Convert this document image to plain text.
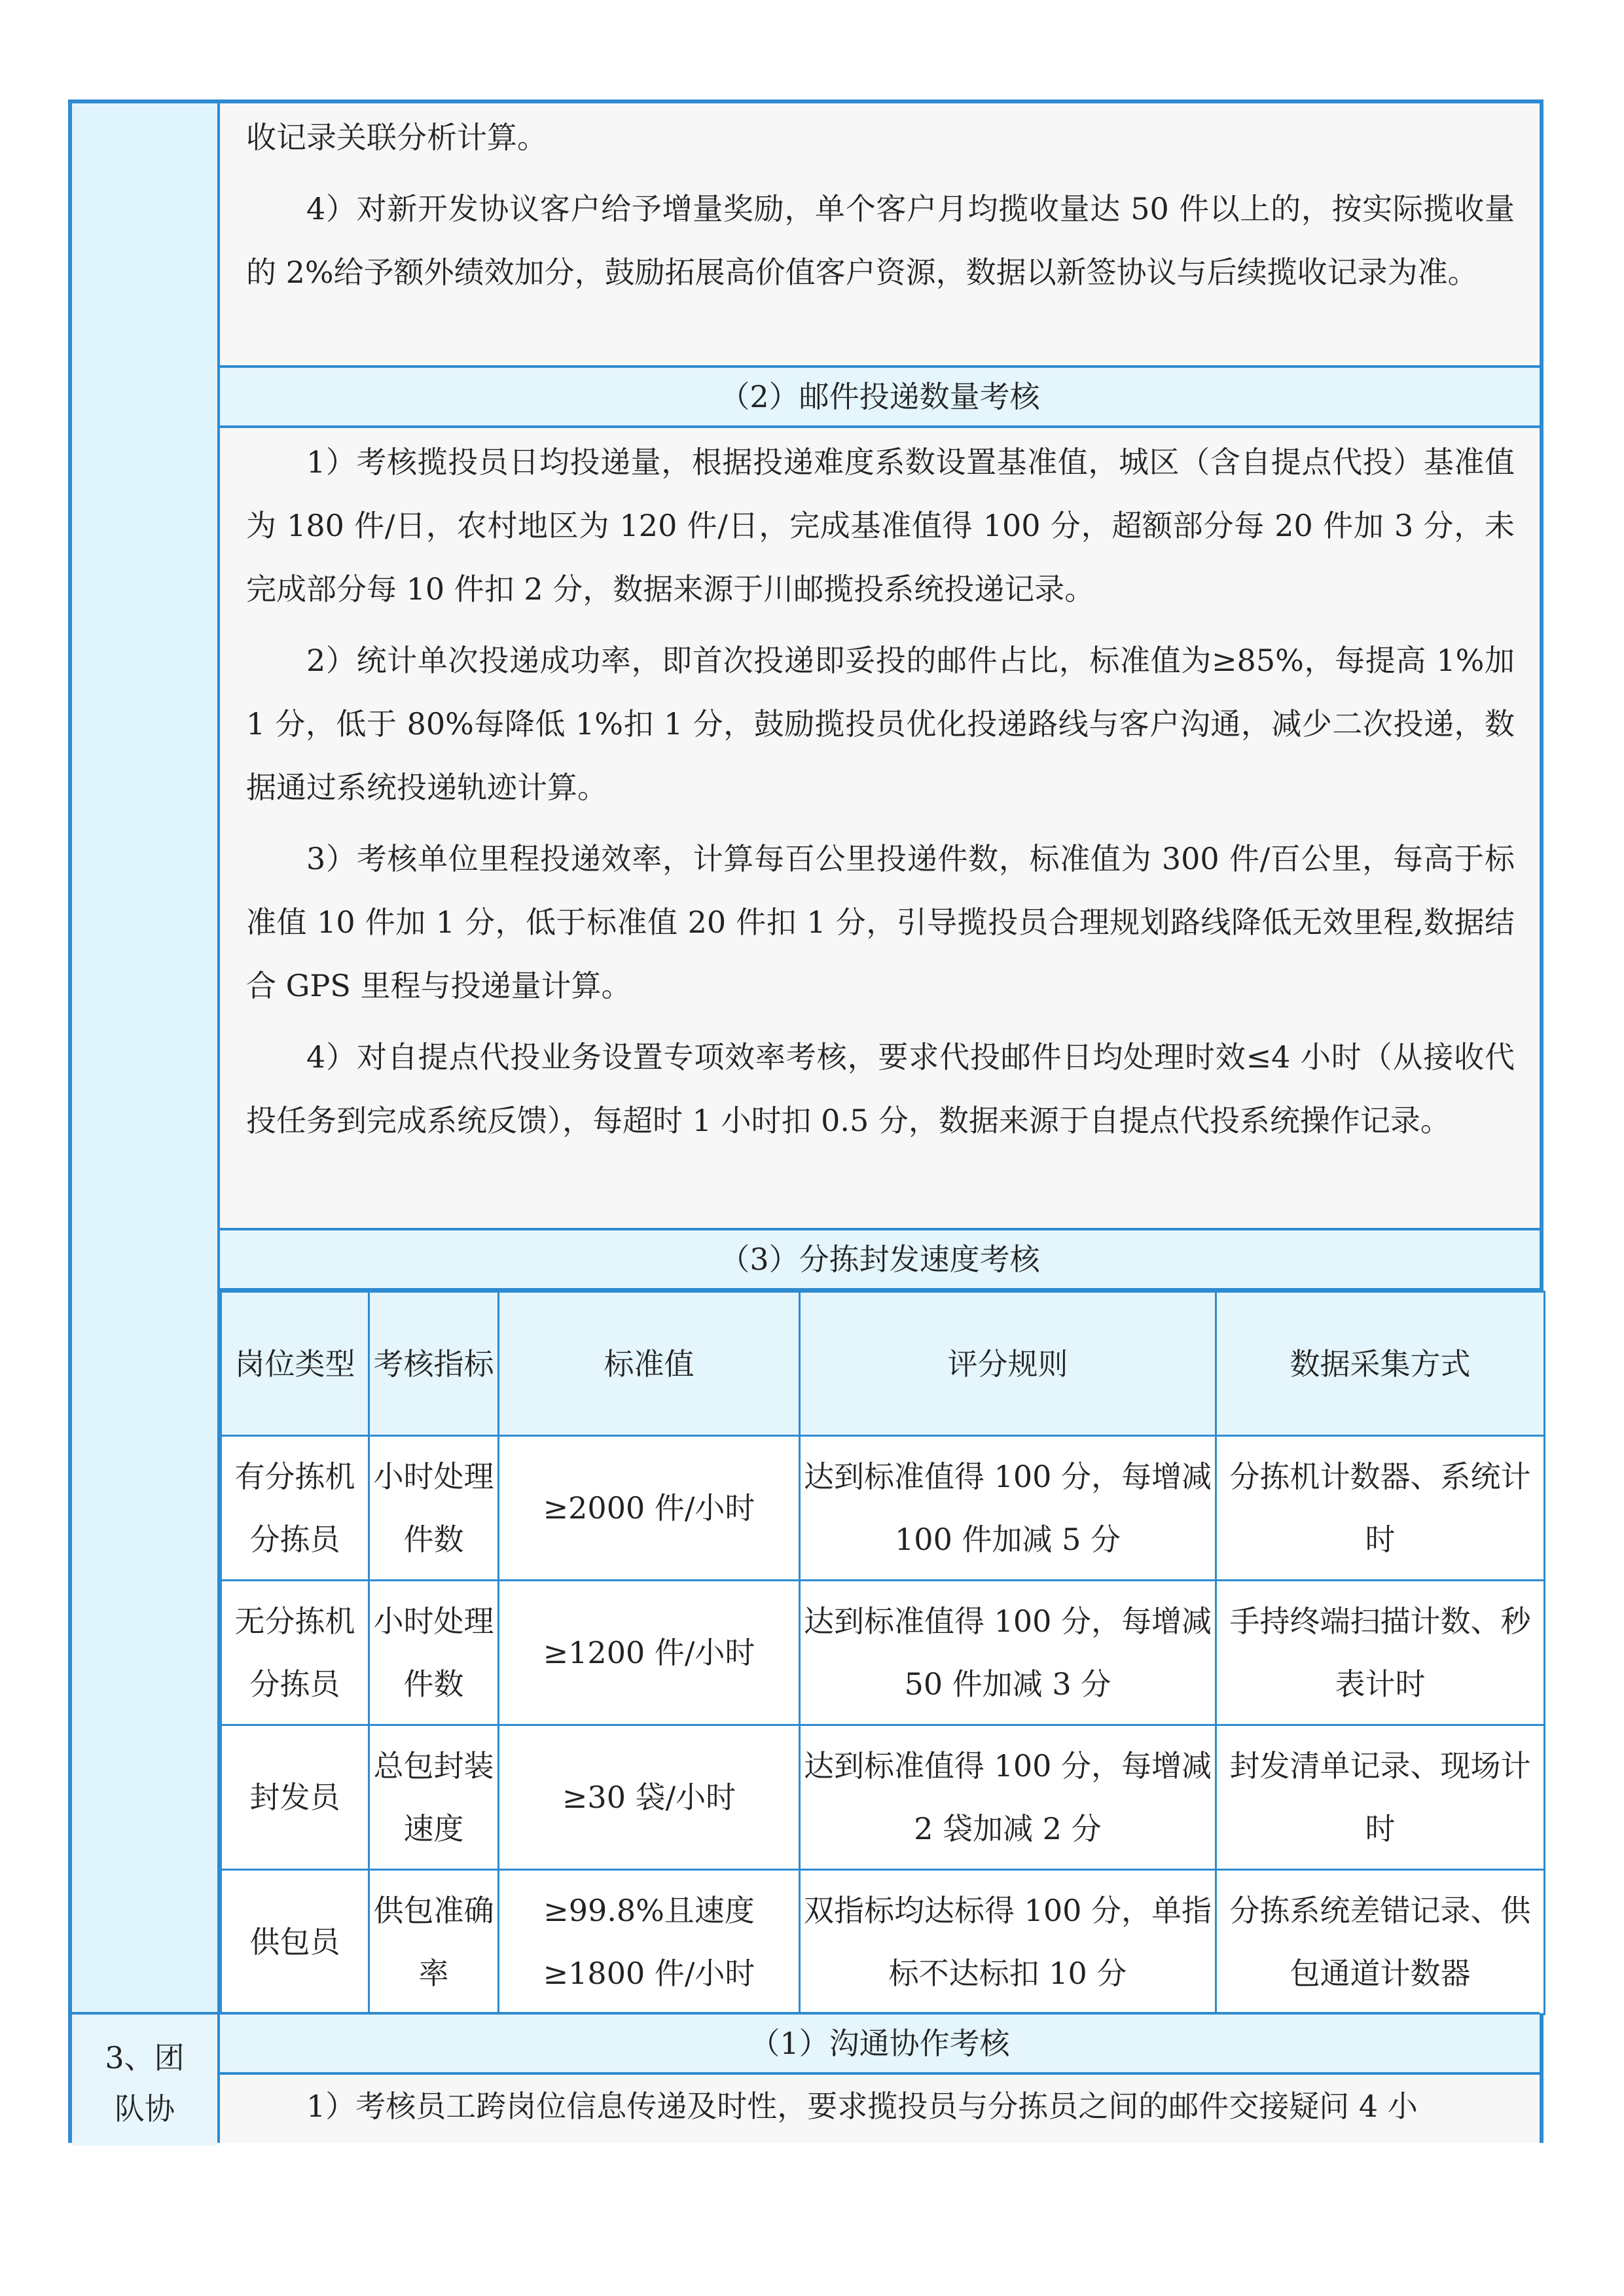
3、团
队协

收记录关联分析计算。

4）对新开发协议客户给予增量奖励，单个客户月均揽收量达 50 件以上的，按实际揽收量的 2%给予额外绩效加分，鼓励拓展高价值客户资源，数据以新签协议与后续揽收记录为准。

（2）邮件投递数量考核

1）考核揽投员日均投递量，根据投递难度系数设置基准值，城区（含自提点代投）基准值为 180 件/日，农村地区为 120 件/日，完成基准值得 100 分，超额部分每 20 件加 3 分，未完成部分每 10 件扣 2 分，数据来源于川邮揽投系统投递记录。

2）统计单次投递成功率，即首次投递即妥投的邮件占比，标准值为≥85%，每提高 1%加 1 分，低于 80%每降低 1%扣 1 分，鼓励揽投员优化投递路线与客户沟通，减少二次投递，数据通过系统投递轨迹计算。

3）考核单位里程投递效率，计算每百公里投递件数，标准值为 300 件/百公里，每高于标准值 10 件加 1 分，低于标准值 20 件扣 1 分，引导揽投员合理规划路线降低无效里程,数据结合 GPS 里程与投递量计算。

4）对自提点代投业务设置专项效率考核，要求代投邮件日均处理时效≤4 小时（从接收代投任务到完成系统反馈），每超时 1 小时扣 0.5 分，数据来源于自提点代投系统操作记录。

（3）分拣封发速度考核
岗位类型	考核指标	标准值	评分规则	数据采集方式
有分拣机分拣员	小时处理件数	≥2000 件/小时	达到标准值得 100 分，每增减 100 件加减 5 分	分拣机计数器、系统计时
无分拣机分拣员	小时处理件数	≥1200 件/小时	达到标准值得 100 分，每增减 50 件加减 3 分	手持终端扫描计数、秒表计时
封发员	总包封装速度	≥30 袋/小时	达到标准值得 100 分，每增减 2 袋加减 2 分	封发清单记录、现场计时
供包员	供包准确率	≥99.8%且速度≥1800 件/小时	双指标均达标得 100 分，单指标不达标扣 10 分	分拣系统差错记录、供包通道计数器
（1）沟通协作考核

1）考核员工跨岗位信息传递及时性，要求揽投员与分拣员之间的邮件交接疑问 4 小
